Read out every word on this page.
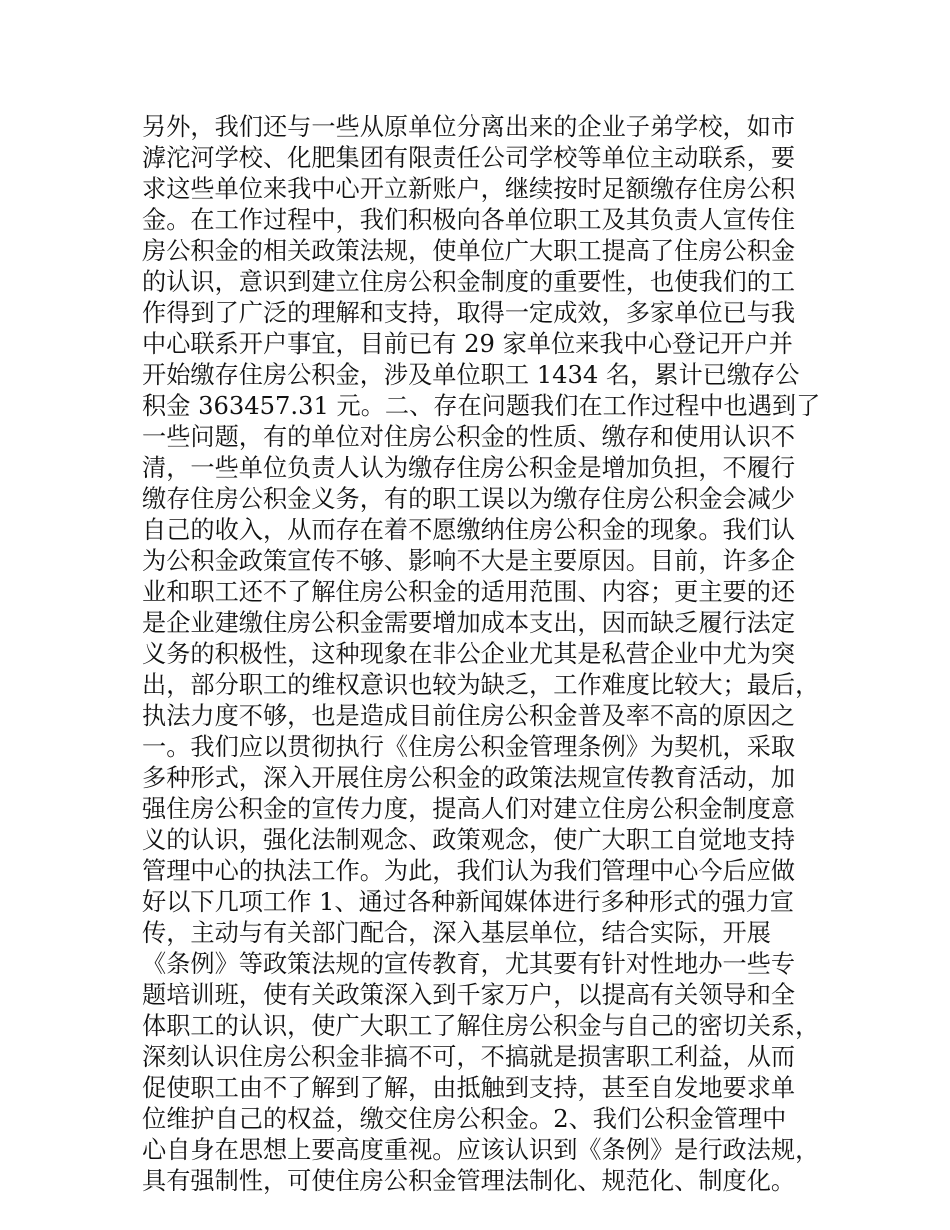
另外，我们还与一些从原单位分离出来的企业子弟学校，如市
滹沱河学校、化肥集团有限责任公司学校等单位主动联系，要
求这些单位来我中心开立新账户，继续按时足额缴存住房公积
金。在工作过程中，我们积极向各单位职工及其负责人宣传住
房公积金的相关政策法规，使单位广大职工提高了住房公积金
的认识，意识到建立住房公积金制度的重要性，也使我们的工
作得到了广泛的理解和支持，取得一定成效，多家单位已与我
中心联系开户事宜，目前已有 29 家单位来我中心登记开户并
开始缴存住房公积金，涉及单位职工 1434 名，累计已缴存公
积金 363457.31 元。二、存在问题我们在工作过程中也遇到了
一些问题，有的单位对住房公积金的性质、缴存和使用认识不
清，一些单位负责人认为缴存住房公积金是增加负担，不履行
缴存住房公积金义务，有的职工误以为缴存住房公积金会减少
自己的收入，从而存在着不愿缴纳住房公积金的现象。我们认
为公积金政策宣传不够、影响不大是主要原因。目前，许多企
业和职工还不了解住房公积金的适用范围、内容；更主要的还
是企业建缴住房公积金需要增加成本支出，因而缺乏履行法定
义务的积极性，这种现象在非公企业尤其是私营企业中尤为突
出，部分职工的维权意识也较为缺乏，工作难度比较大；最后，
执法力度不够，也是造成目前住房公积金普及率不高的原因之
一。我们应以贯彻执行《住房公积金管理条例》为契机，采取
多种形式，深入开展住房公积金的政策法规宣传教育活动，加
强住房公积金的宣传力度，提高人们对建立住房公积金制度意
义的认识，强化法制观念、政策观念，使广大职工自觉地支持
管理中心的执法工作。为此，我们认为我们管理中心今后应做
好以下几项工作 1、通过各种新闻媒体进行多种形式的强力宣
传，主动与有关部门配合，深入基层单位，结合实际，开展
《条例》等政策法规的宣传教育，尤其要有针对性地办一些专
题培训班，使有关政策深入到千家万户，以提高有关领导和全
体职工的认识，使广大职工了解住房公积金与自己的密切关系，
深刻认识住房公积金非搞不可，不搞就是损害职工利益，从而
促使职工由不了解到了解，由抵触到支持，甚至自发地要求单
位维护自己的权益，缴交住房公积金。2、我们公积金管理中
心自身在思想上要高度重视。应该认识到《条例》是行政法规，
具有强制性，可使住房公积金管理法制化、规范化、制度化。
